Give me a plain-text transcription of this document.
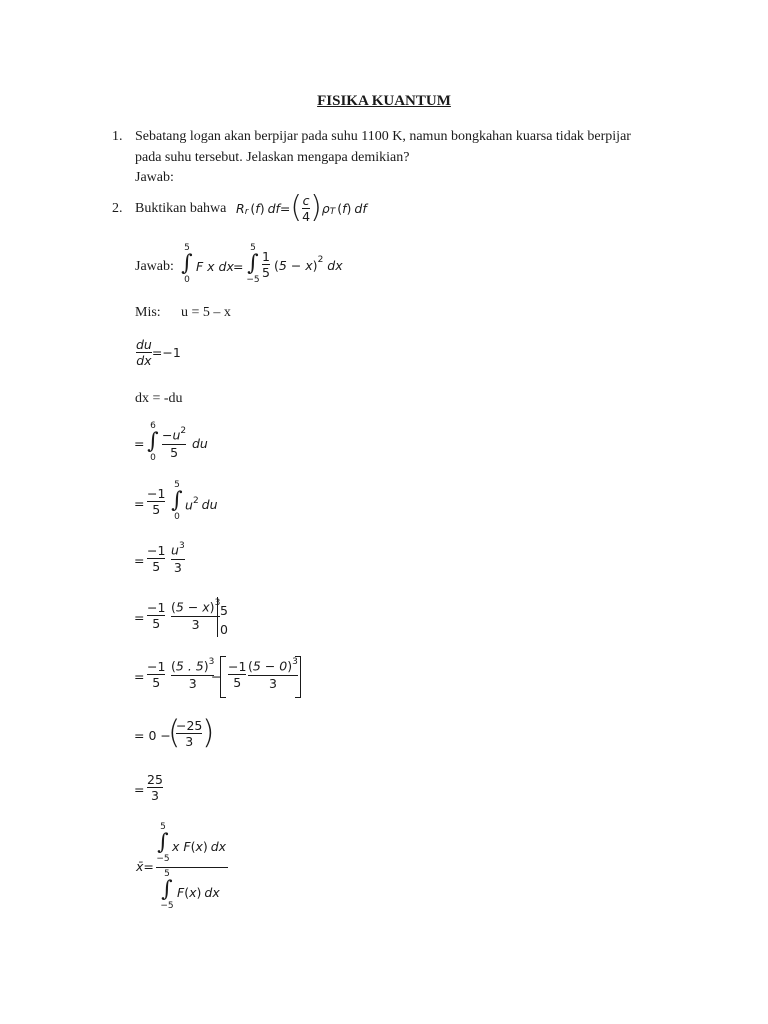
FISIKA KUANTUM
1. Sebatang logan akan berpijar pada suhu 1100 K, namun bongkahan kuarsa tidak berpijar
pada suhu tersebut. Jelaskan mengapa demikian?
Jawab:
2. Buktikan bahwa R r ( f ) df = ( $\frac{c}{4}$ ) ρ T ( f ) df
Jawab:
5
∫
0
F x dx =
5
∫
$-5 \frac{1}{5}$ ( 5 − x ) 2 dx
Mis: u = 5 – x
$\frac{du}{dx} = -1$
dx = -du
=
6
∫
$0 \frac{-u^2}{5}$ du
= $\frac{-1}{5}$
5
∫
0
$u^2$ du
= $\frac{-1}{5} \frac{u^3}{3}$
= $\frac{-1}{5} \frac{(5 - x)^3}{3} 5$
0
= $\frac{-1}{5} \frac{(5 . 5)^3}{3}$
− $\frac{-1}{5} \frac{(5 - 0)^3}{3}$
= 0 −
(
$\frac{-25}{3}$ )
= $\frac{25}{3}$
x̄=
5
∫
−5
x F(x) dx
5
∫
−5
F(x) dx
